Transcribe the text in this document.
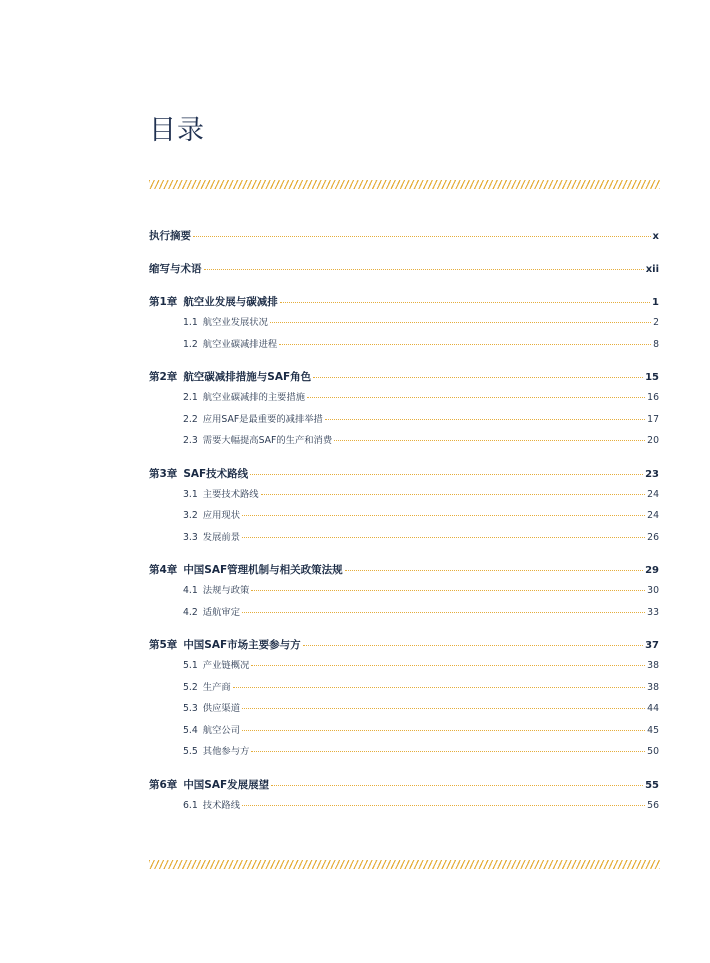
目录
执行摘要	x
缩写与术语	xii
第1章 航空业发展与碳减排	1
1.1 航空业发展状况	2
1.2 航空业碳减排进程	8
第2章 航空碳减排措施与SAF角色	15
2.1 航空业碳减排的主要措施	16
2.2 应用SAF是最重要的减排举措	17
2.3 需要大幅提高SAF的生产和消费	20
第3章 SAF技术路线	23
3.1 主要技术路线	24
3.2 应用现状	24
3.3 发展前景	26
第4章 中国SAF管理机制与相关政策法规	29
4.1 法规与政策	30
4.2 适航审定	33
第5章 中国SAF市场主要参与方	37
5.1 产业链概况	38
5.2 生产商	38
5.3 供应渠道	44
5.4 航空公司	45
5.5 其他参与方	50
第6章 中国SAF发展展望	55
6.1 技术路线	56
